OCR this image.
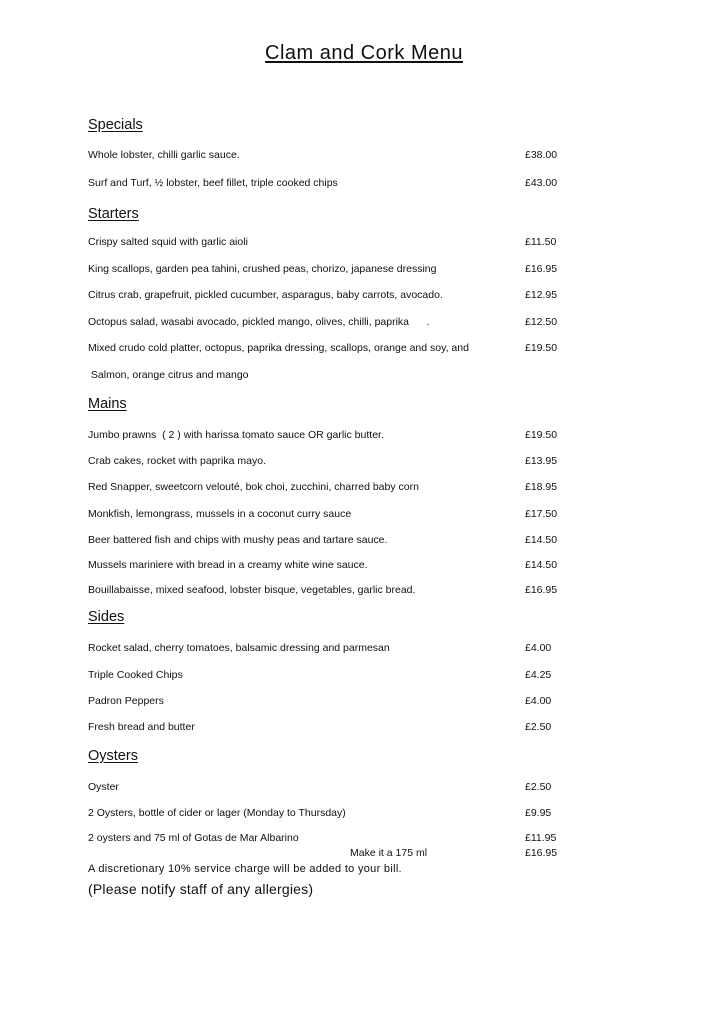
Clam and Cork Menu
Specials
Whole lobster, chilli garlic sauce.	£38.00
Surf and Turf, ½ lobster, beef fillet, triple cooked chips	£43.00
Starters
Crispy salted squid with garlic aioli	£11.50
King scallops, garden pea tahini, crushed peas, chorizo, japanese dressing	£16.95
Citrus crab, grapefruit, pickled cucumber, asparagus, baby carrots, avocado.	£12.95
Octopus salad, wasabi avocado, pickled mango, olives, chilli, paprika      .	£12.50
Mixed crudo cold platter, octopus, paprika dressing, scallops, orange and soy, and	£19.50
Salmon, orange citrus and mango
Mains
Jumbo prawns  ( 2 ) with harissa tomato sauce OR garlic butter.	£19.50
Crab cakes, rocket with paprika mayo.	£13.95
Red Snapper, sweetcorn velouté, bok choi, zucchini, charred baby corn	£18.95
Monkfish, lemongrass, mussels in a coconut curry sauce	£17.50
Beer battered fish and chips with mushy peas and tartare sauce.	£14.50
Mussels mariniere with bread in a creamy white wine sauce.	£14.50
Bouillabaisse, mixed seafood, lobster bisque, vegetables, garlic bread.	£16.95
Sides
Rocket salad, cherry tomatoes, balsamic dressing and parmesan	£4.00
Triple Cooked Chips	£4.25
Padron Peppers	£4.00
Fresh bread and butter	£2.50
Oysters
Oyster	£2.50
2 Oysters, bottle of cider or lager (Monday to Thursday)	£9.95
2 oysters and 75 ml of Gotas de Mar Albarino	£11.95
Make it a 175 ml	£16.95
A discretionary 10% service charge will be added to your bill.
(Please notify staff of any allergies)
